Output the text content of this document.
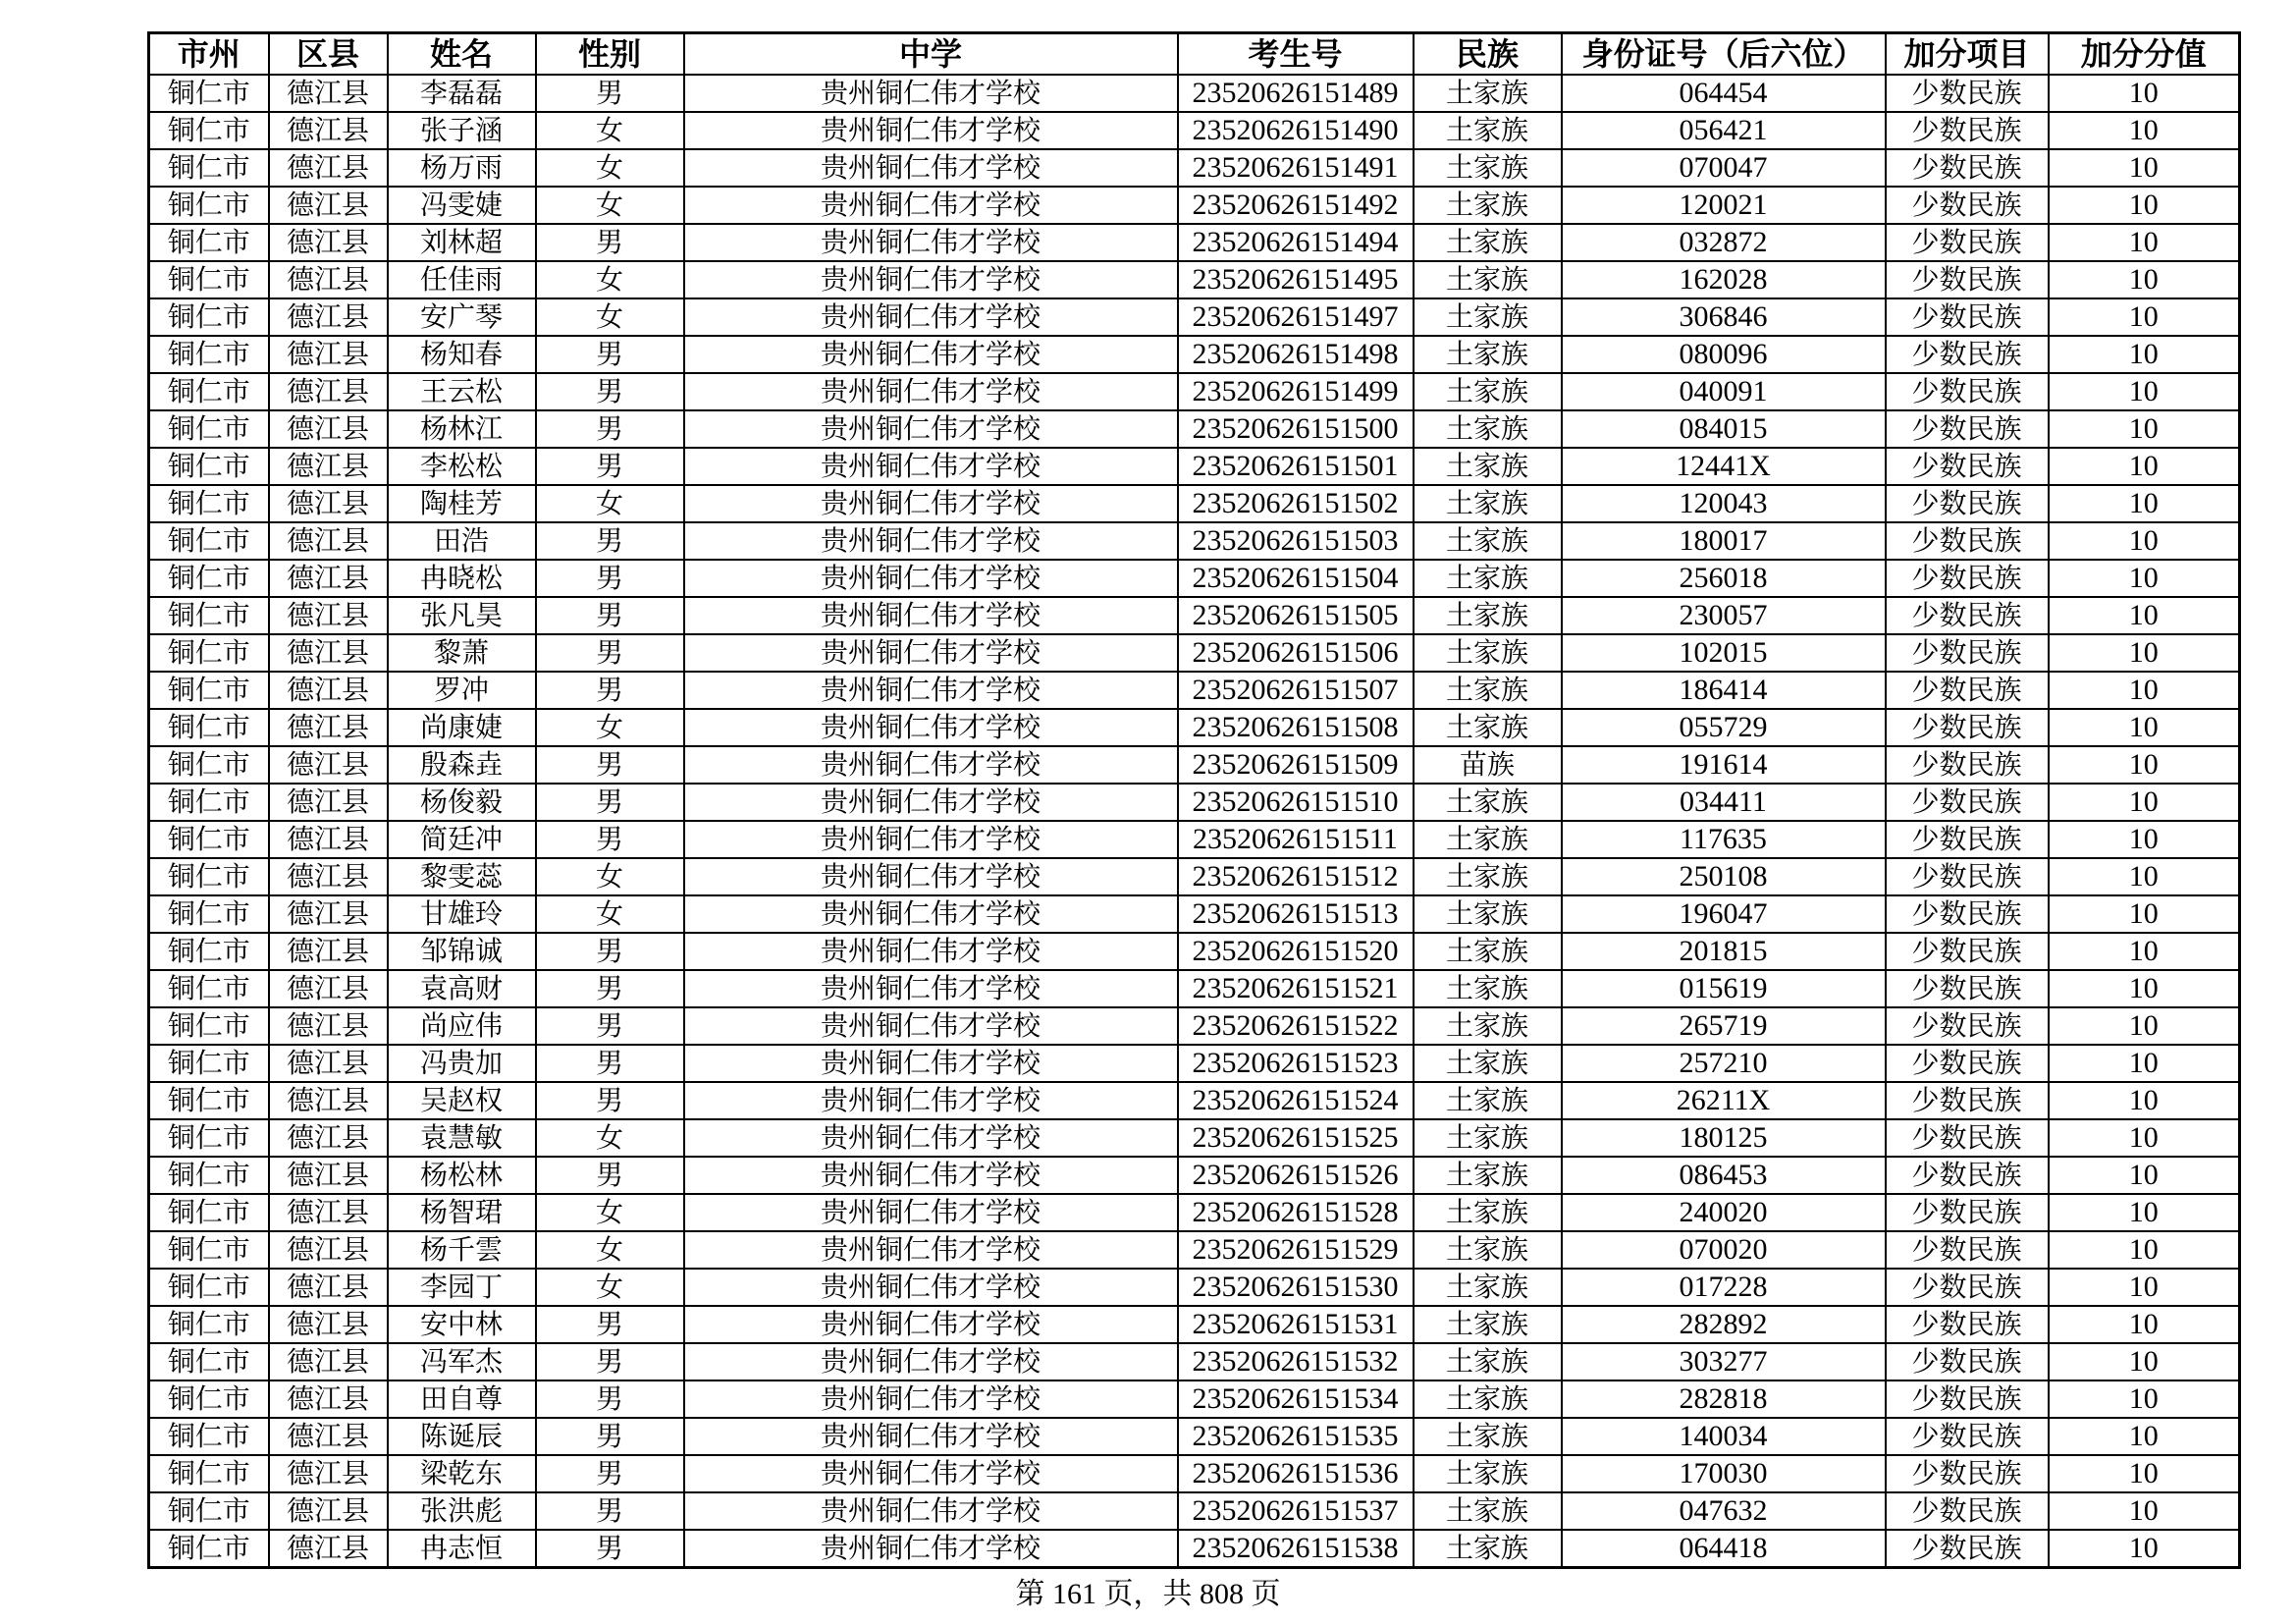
市州	区县	姓名	性别	中学	考生号	民族	身份证号（后六位）	加分项目	加分分值
铜仁市	德江县	李磊磊	男	贵州铜仁伟才学校	23520626151489	土家族	064454	少数民族	10
铜仁市	德江县	张子涵	女	贵州铜仁伟才学校	23520626151490	土家族	056421	少数民族	10
铜仁市	德江县	杨万雨	女	贵州铜仁伟才学校	23520626151491	土家族	070047	少数民族	10
铜仁市	德江县	冯雯婕	女	贵州铜仁伟才学校	23520626151492	土家族	120021	少数民族	10
铜仁市	德江县	刘林超	男	贵州铜仁伟才学校	23520626151494	土家族	032872	少数民族	10
铜仁市	德江县	任佳雨	女	贵州铜仁伟才学校	23520626151495	土家族	162028	少数民族	10
铜仁市	德江县	安广琴	女	贵州铜仁伟才学校	23520626151497	土家族	306846	少数民族	10
铜仁市	德江县	杨知春	男	贵州铜仁伟才学校	23520626151498	土家族	080096	少数民族	10
铜仁市	德江县	王云松	男	贵州铜仁伟才学校	23520626151499	土家族	040091	少数民族	10
铜仁市	德江县	杨林江	男	贵州铜仁伟才学校	23520626151500	土家族	084015	少数民族	10
铜仁市	德江县	李松松	男	贵州铜仁伟才学校	23520626151501	土家族	12441X	少数民族	10
铜仁市	德江县	陶桂芳	女	贵州铜仁伟才学校	23520626151502	土家族	120043	少数民族	10
铜仁市	德江县	田浩	男	贵州铜仁伟才学校	23520626151503	土家族	180017	少数民族	10
铜仁市	德江县	冉晓松	男	贵州铜仁伟才学校	23520626151504	土家族	256018	少数民族	10
铜仁市	德江县	张凡昊	男	贵州铜仁伟才学校	23520626151505	土家族	230057	少数民族	10
铜仁市	德江县	黎萧	男	贵州铜仁伟才学校	23520626151506	土家族	102015	少数民族	10
铜仁市	德江县	罗冲	男	贵州铜仁伟才学校	23520626151507	土家族	186414	少数民族	10
铜仁市	德江县	尚康婕	女	贵州铜仁伟才学校	23520626151508	土家族	055729	少数民族	10
铜仁市	德江县	殷森垚	男	贵州铜仁伟才学校	23520626151509	苗族	191614	少数民族	10
铜仁市	德江县	杨俊毅	男	贵州铜仁伟才学校	23520626151510	土家族	034411	少数民族	10
铜仁市	德江县	简廷冲	男	贵州铜仁伟才学校	23520626151511	土家族	117635	少数民族	10
铜仁市	德江县	黎雯蕊	女	贵州铜仁伟才学校	23520626151512	土家族	250108	少数民族	10
铜仁市	德江县	甘雄玲	女	贵州铜仁伟才学校	23520626151513	土家族	196047	少数民族	10
铜仁市	德江县	邹锦诚	男	贵州铜仁伟才学校	23520626151520	土家族	201815	少数民族	10
铜仁市	德江县	袁高财	男	贵州铜仁伟才学校	23520626151521	土家族	015619	少数民族	10
铜仁市	德江县	尚应伟	男	贵州铜仁伟才学校	23520626151522	土家族	265719	少数民族	10
铜仁市	德江县	冯贵加	男	贵州铜仁伟才学校	23520626151523	土家族	257210	少数民族	10
铜仁市	德江县	吴赵权	男	贵州铜仁伟才学校	23520626151524	土家族	26211X	少数民族	10
铜仁市	德江县	袁慧敏	女	贵州铜仁伟才学校	23520626151525	土家族	180125	少数民族	10
铜仁市	德江县	杨松林	男	贵州铜仁伟才学校	23520626151526	土家族	086453	少数民族	10
铜仁市	德江县	杨智珺	女	贵州铜仁伟才学校	23520626151528	土家族	240020	少数民族	10
铜仁市	德江县	杨千雲	女	贵州铜仁伟才学校	23520626151529	土家族	070020	少数民族	10
铜仁市	德江县	李园丁	女	贵州铜仁伟才学校	23520626151530	土家族	017228	少数民族	10
铜仁市	德江县	安中林	男	贵州铜仁伟才学校	23520626151531	土家族	282892	少数民族	10
铜仁市	德江县	冯军杰	男	贵州铜仁伟才学校	23520626151532	土家族	303277	少数民族	10
铜仁市	德江县	田自尊	男	贵州铜仁伟才学校	23520626151534	土家族	282818	少数民族	10
铜仁市	德江县	陈诞辰	男	贵州铜仁伟才学校	23520626151535	土家族	140034	少数民族	10
铜仁市	德江县	梁乾东	男	贵州铜仁伟才学校	23520626151536	土家族	170030	少数民族	10
铜仁市	德江县	张洪彪	男	贵州铜仁伟才学校	23520626151537	土家族	047632	少数民族	10
铜仁市	德江县	冉志恒	男	贵州铜仁伟才学校	23520626151538	土家族	064418	少数民族	10
第 161 页，共 808 页
